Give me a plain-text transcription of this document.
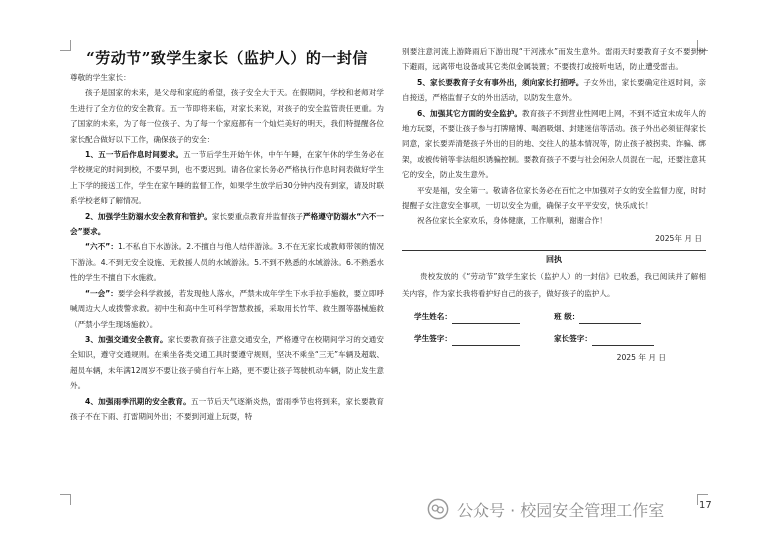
“劳动节”致学生家长（监护人）的一封信

尊敬的学生家长：

孩子是国家的未来，是父母和家庭的希望，孩子安全大于天。在假期间，学校和老师对学生进行了全方位的安全教育。五一节即将来临，对家长来说，对孩子的安全监管责任更重。为了国家的未来，为了每一位孩子、为了每一个家庭都有一个灿烂美好的明天，我们特提醒各位家长配合做好以下工作，确保孩子的安全：

1、五一节后作息时间要求。五一节后学生开始午休，中午午睡，在家午休的学生务必在学校规定的时间到校，不要早到，也不要迟到。请各位家长务必严格执行作息时间表做好学生上下学的接送工作，学生在家午睡的监督工作，如果学生放学后30分钟内没有到家，请及时联系学校老师了解情况。

2、加强学生防溺水安全教育和管护。家长要重点教育并监督孩子严格遵守防溺水“六不一会”要求。

“六不”：1.不私自下水游泳。2.不擅自与他人结伴游泳。3.不在无家长或教师带领的情况下游泳。4.不到无安全设施、无救援人员的水域游泳。5.不到不熟悉的水域游泳。6.不熟悉水性的学生不擅自下水施救。

“一会”：要学会科学救援，若发现他人落水，严禁未成年学生下水手拉手施救，要立即呼喊周边大人或拨警求救。初中生和高中生可科学智慧救援，采取用长竹竿、救生圈等器械施救（严禁小学生现场施救）。

3、加强交通安全教育。家长要教育孩子注意交通安全，严格遵守在校期间学习的交通安全知识，遵守交通规则。在乘坐各类交通工具时要遵守规则，坚决不乘坐“三无”车辆及超载、超员车辆，未年满12周岁不要让孩子骑自行车上路，更不要让孩子驾驶机动车辆，防止发生意外。

4、加强雨季汛期的安全教育。五一节后天气逐渐炎热，雷雨季节也将到来，家长要教育孩子不在下雨、打雷期间外出；不要到河道上玩耍，特

别要注意河流上游降雨后下游出现“干河涨水”而发生意外。雷雨天时要教育子女不要到树下避雨，远离带电设备或其它类似金属装置；不要拨打或接听电话，防止遭受雷击。

5、家长要教育子女有事外出，须向家长打招呼。子女外出，家长要确定往返时间，亲自接送，严格监督子女的外出活动，以防发生意外。

6、加强其它方面的安全监护。教育孩子不到营业性网吧上网，不到不适宜未成年人的地方玩耍，不要让孩子参与打牌赌博、喝酒吸烟、封建迷信等活动。孩子外出必须征得家长同意，家长要弄清楚孩子外出的目的地、交往人的基本情况等，防止孩子被拐卖、诈骗、绑架，或被传销等非法组织诱骗控制。要教育孩子不要与社会闲杂人员混在一起，还要注意其它的安全，防止发生意外。

平安是福，安全第一。敬请各位家长务必在百忙之中加强对子女的安全监督力度，时时提醒子女注意安全事项，一切以安全为重，确保子女平平安安，快乐成长！

祝各位家长全家欢乐，身体健康，工作顺利，谢谢合作！

2025年 月 日

回执

贵校发放的《“劳动节”致学生家长（监护人）的一封信》已收悉，我已阅读并了解相关内容，作为家长我将看护好自己的孩子，做好孩子的监护人。

学生姓名：	班 级：
学生签字：	家长签字：

2025 年 月 日

公众号 · 校园安全管理工作室	17
